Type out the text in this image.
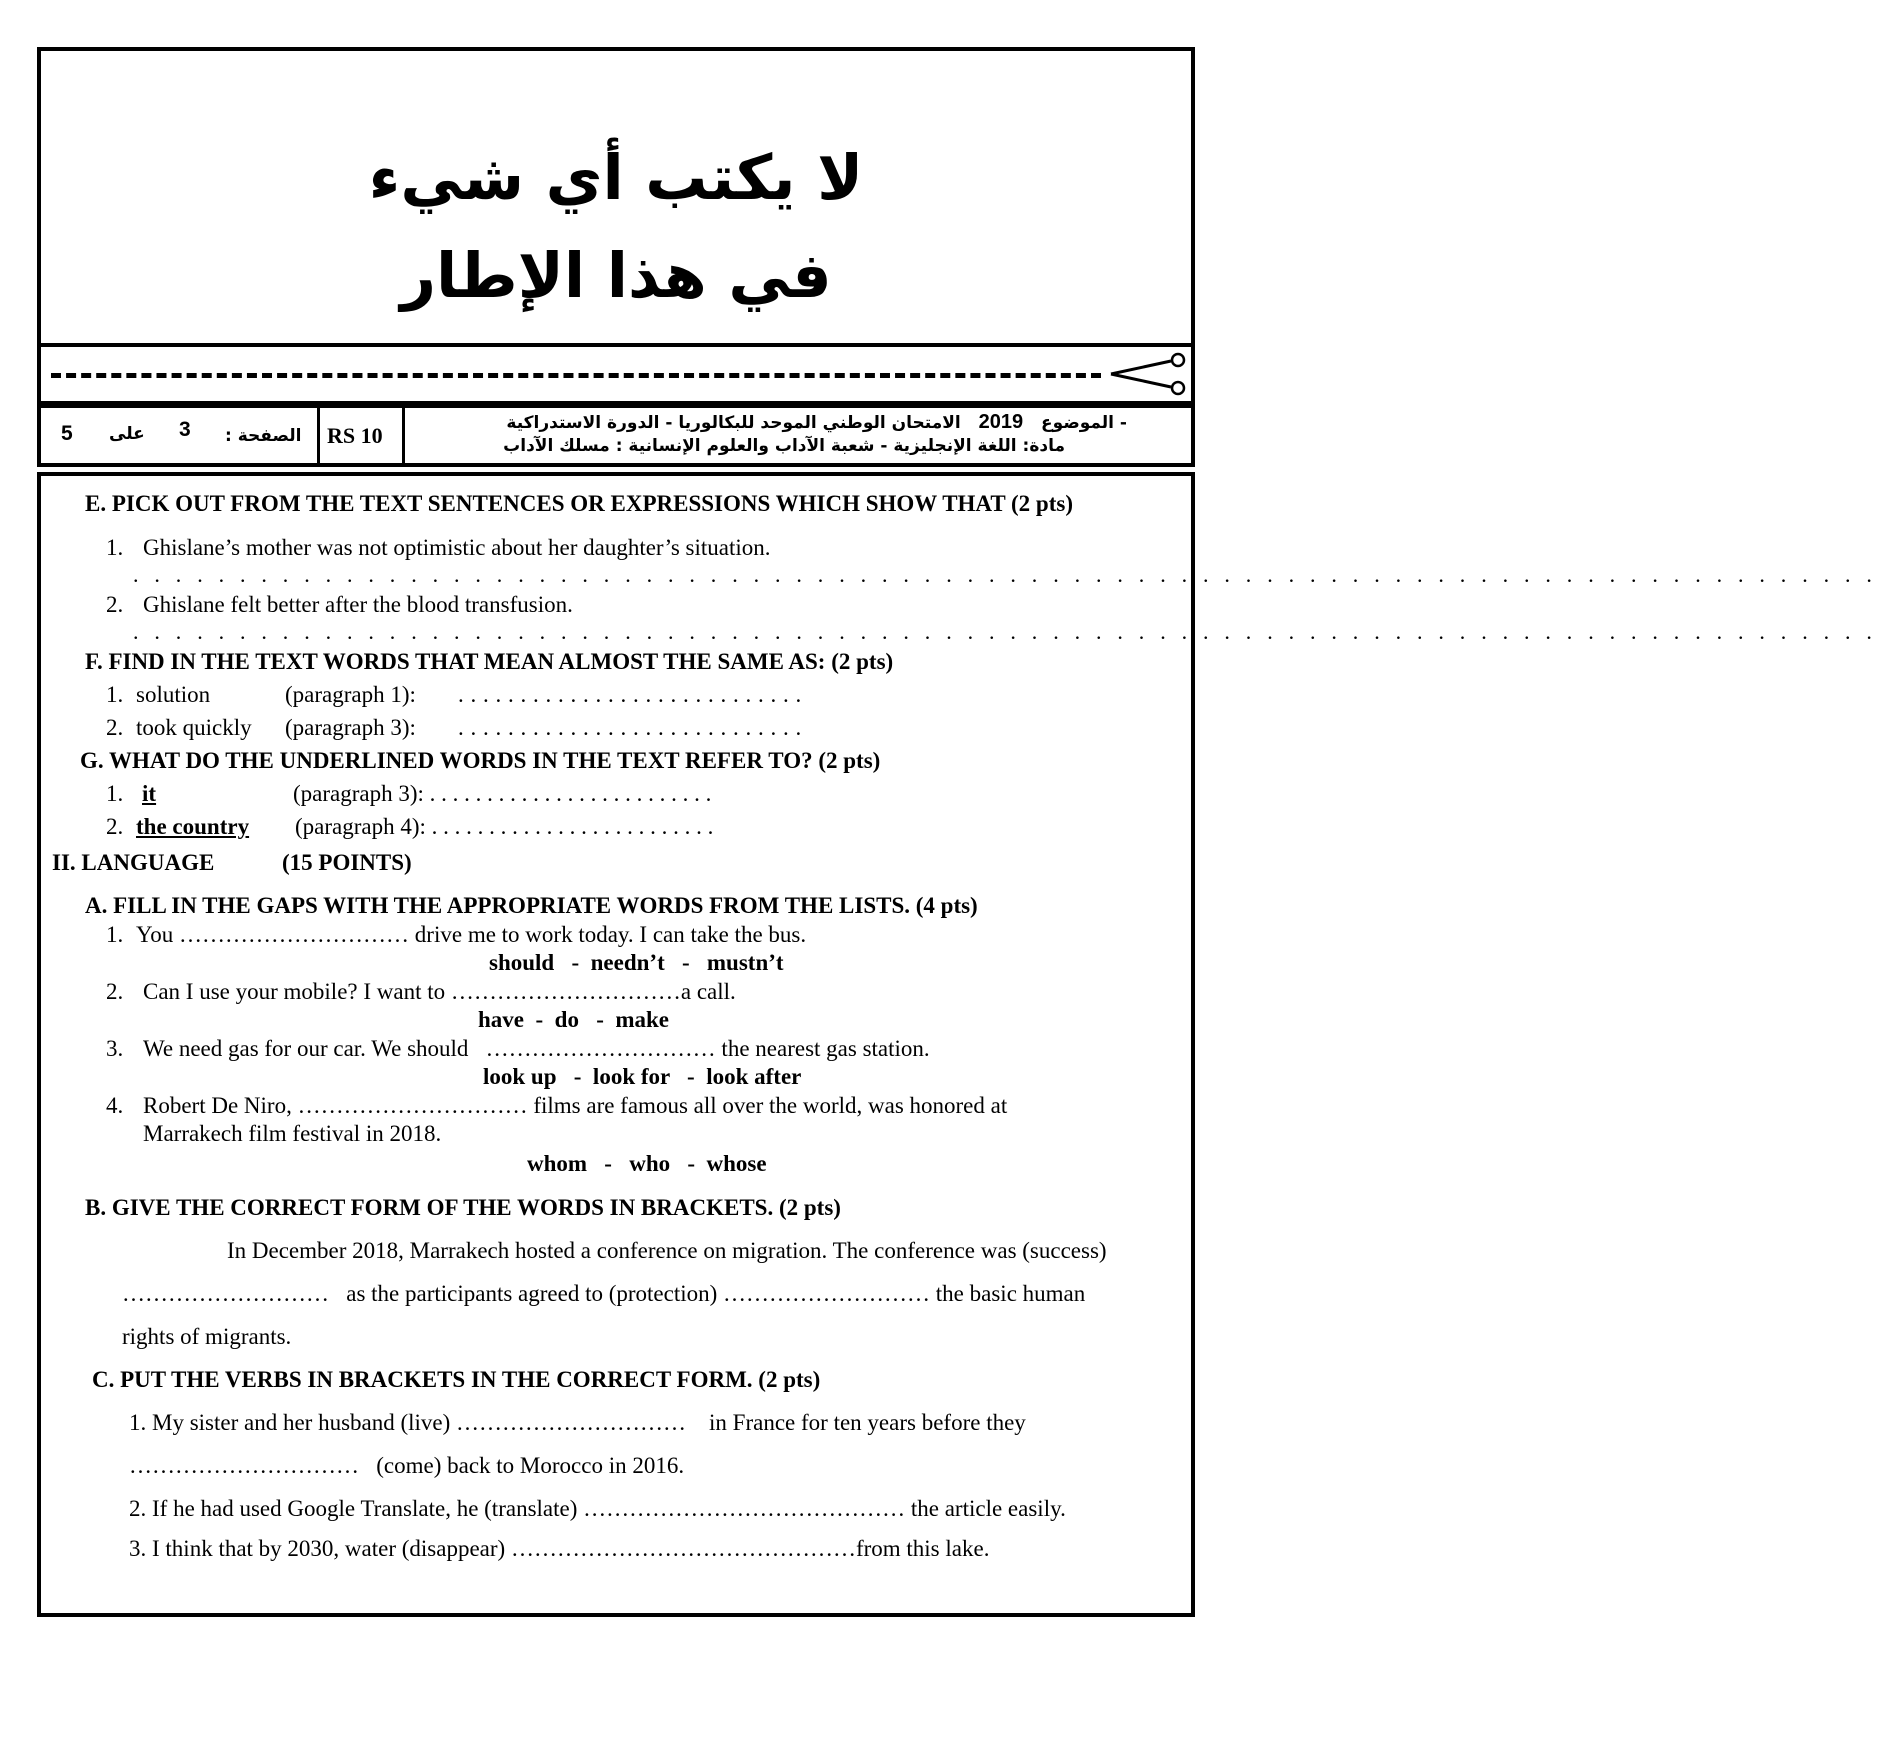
لا يكتب أي شيء
في هذا الإطار
5 على 3 الصفحة : RS 10	- الموضوع 2019 الامتحان الوطني الموحد للبكالوريا - الدورة الاستدراكية
مادة: اللغة الإنجليزية - شعبة الآداب والعلوم الإنسانية : مسلك الآداب
E. PICK OUT FROM THE TEXT SENTENCES OR EXPRESSIONS WHICH SHOW THAT (2 pts)
1. Ghislane’s mother was not optimistic about her daughter’s situation.
. . . . . . . . . . . . . . . . . . . . . . . . . . . . . . . . . . . . . . . . . . . . . . . . . . . . . . . . . . . . . . . . . . . . . . . . . . . . . . . . . .
2. Ghislane felt better after the blood transfusion.
. . . . . . . . . . . . . . . . . . . . . . . . . . . . . . . . . . . . . . . . . . . . . . . . . . . . . . . . . . . . . . . . . . . . . . . . . . . . . . . . . .
F. FIND IN THE TEXT WORDS THAT MEAN ALMOST THE SAME AS: (2 pts)
1. solution	(paragraph 1): . . . . . . . . . . . . . . . . . . . . . . . . . . . .
2. took quickly (paragraph 3): . . . . . . . . . . . . . . . . . . . . . . . . . . . .
G. WHAT DO THE UNDERLINED WORDS IN THE TEXT REFER TO? (2 pts)
1. it	(paragraph 3): . . . . . . . . . . . . . . . . . . . . . . . . .
2. the country (paragraph 4): . . . . . . . . . . . . . . . . . . . . . . . . .
II. LANGUAGE	(15 POINTS)
A. FILL IN THE GAPS WITH THE APPROPRIATE WORDS FROM THE LISTS. (4 pts)
1. You ………………………… drive me to work today. I can take the bus.
should   -  needn’t   -   mustn’t
2. Can I use your mobile? I want to …………………………a call.
have  -  do   -  make
3. We need gas for our car. We should   ………………………… the nearest gas station.
look up   -  look for   -  look after
4. Robert De Niro, ………………………… films are famous all over the world, was honored at
Marrakech film festival in 2018.
whom   -   who   -  whose
B. GIVE THE CORRECT FORM OF THE WORDS IN BRACKETS. (2 pts)
In December 2018, Marrakech hosted a conference on migration. The conference was (success)
………………………   as the participants agreed to (protection) ……………………… the basic human
rights of migrants.
C. PUT THE VERBS IN BRACKETS IN THE CORRECT FORM. (2 pts)
1. My sister and her husband (live) …………………………    in France for ten years before they
…………………………   (come) back to Morocco in 2016.
2. If he had used Google Translate, he (translate) …………………………………… the article easily.
3. I think that by 2030, water (disappear) ………………………………………from this lake.
